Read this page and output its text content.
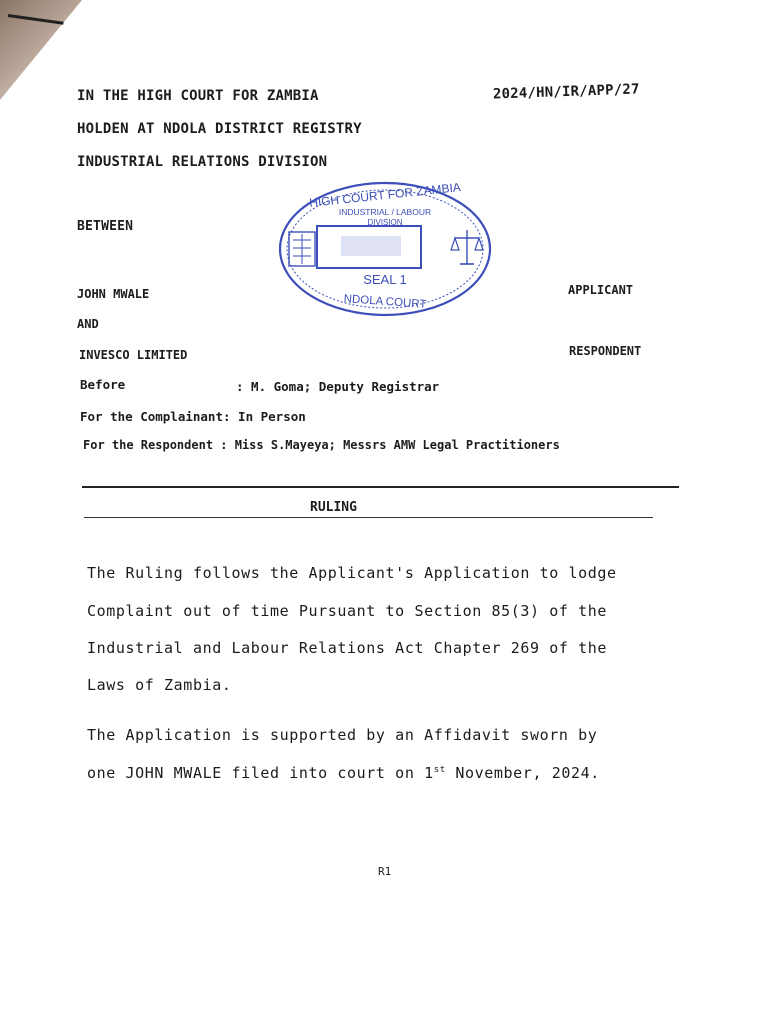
IN THE HIGH COURT FOR ZAMBIA	2024/HN/IR/APP/27
HOLDEN AT NDOLA DISTRICT REGISTRY
INDUSTRIAL RELATIONS DIVISION
BETWEEN
HIGH COURT FOR ZAMBIA
INDUSTRIAL / LABOUR
DIVISION
SEAL 1
NDOLA COURT
JOHN MWALE	APPLICANT
AND
INVESCO LIMITED	RESPONDENT
Before	: M. Goma; Deputy Registrar
For the Complainant: In Person
For the Respondent : Miss S.Mayeya; Messrs AMW Legal Practitioners
RULING
The Ruling follows the Applicant's Application to lodge
Complaint out of time Pursuant to Section 85(3) of the
Industrial and Labour Relations Act Chapter 269 of the
Laws of Zambia.
The Application is supported by an Affidavit sworn by
one JOHN MWALE filed into court on 1st November, 2024.
R1
